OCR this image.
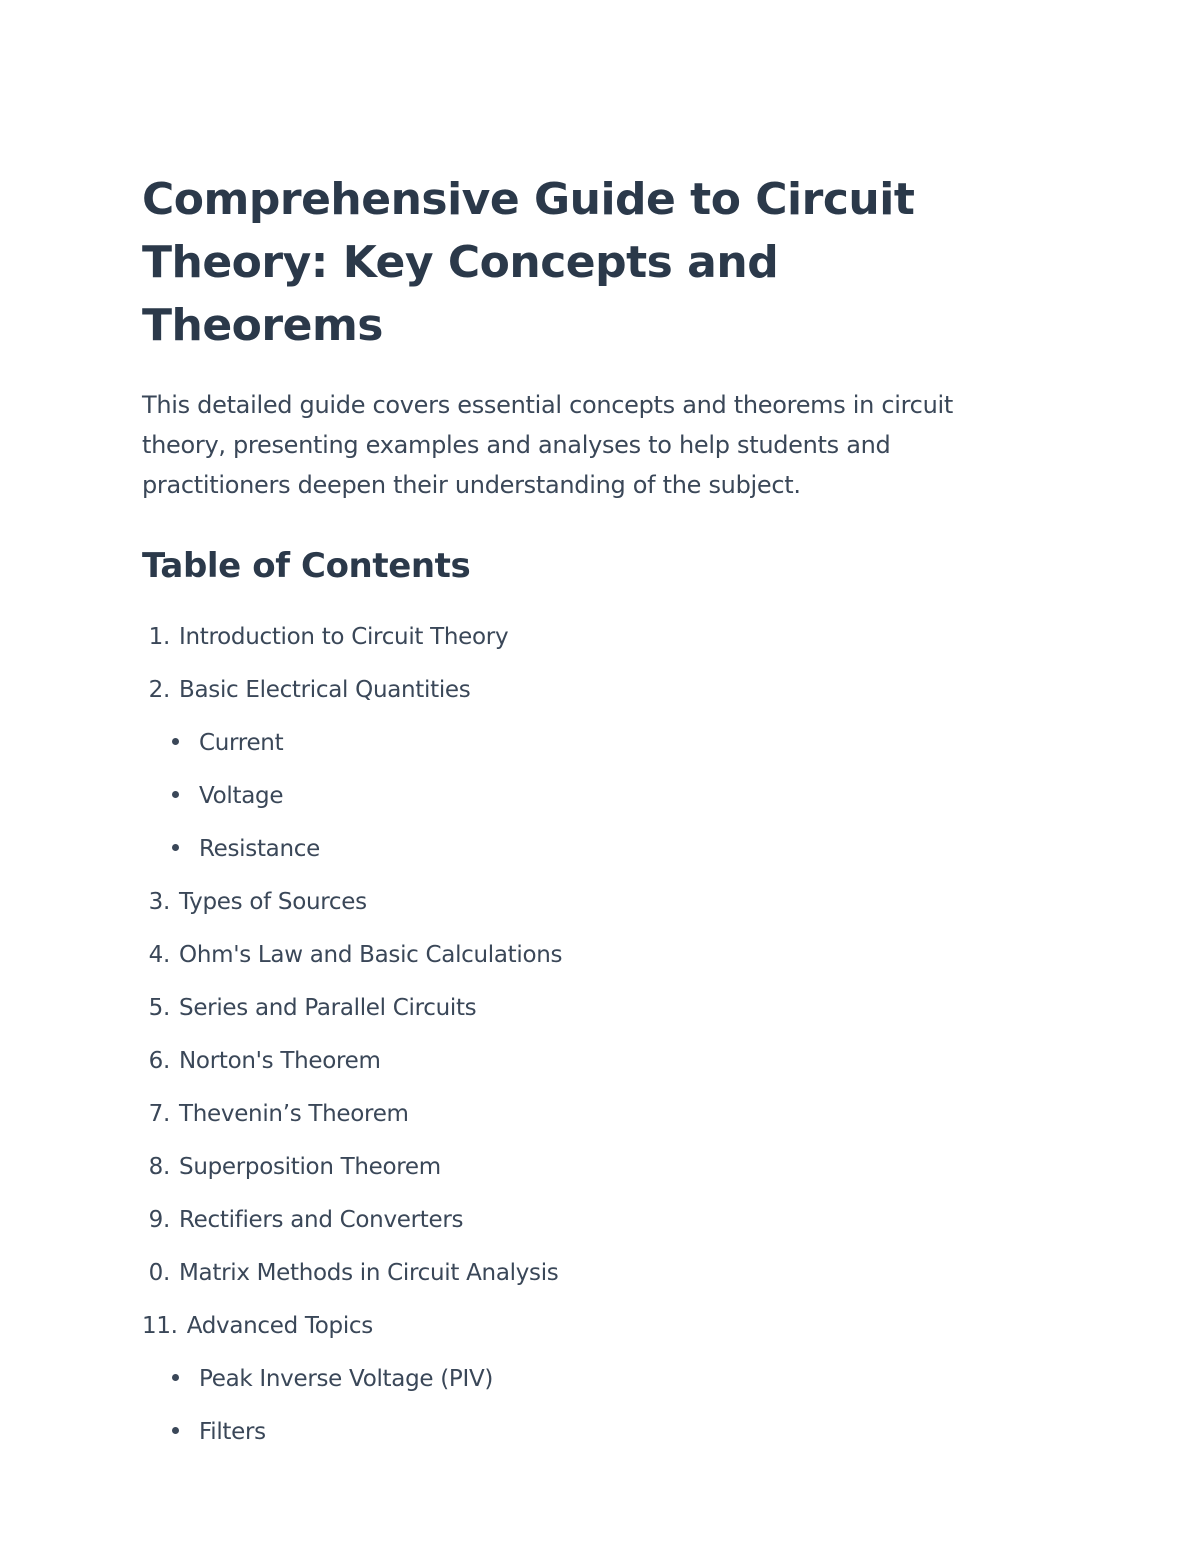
Comprehensive Guide to Circuit Theory: Key Concepts and Theorems

This detailed guide covers essential concepts and theorems in circuit theory, presenting examples and analyses to help students and practitioners deepen their understanding of the subject.

Table of Contents
1. Introduction to Circuit Theory
2. Basic Electrical Quantities
Current
Voltage
Resistance
3. Types of Sources
4. Ohm's Law and Basic Calculations
5. Series and Parallel Circuits
6. Norton's Theorem
7. Thevenin’s Theorem
8. Superposition Theorem
9. Rectifiers and Converters
0. Matrix Methods in Circuit Analysis
11. Advanced Topics
Peak Inverse Voltage (PIV)
Filters
